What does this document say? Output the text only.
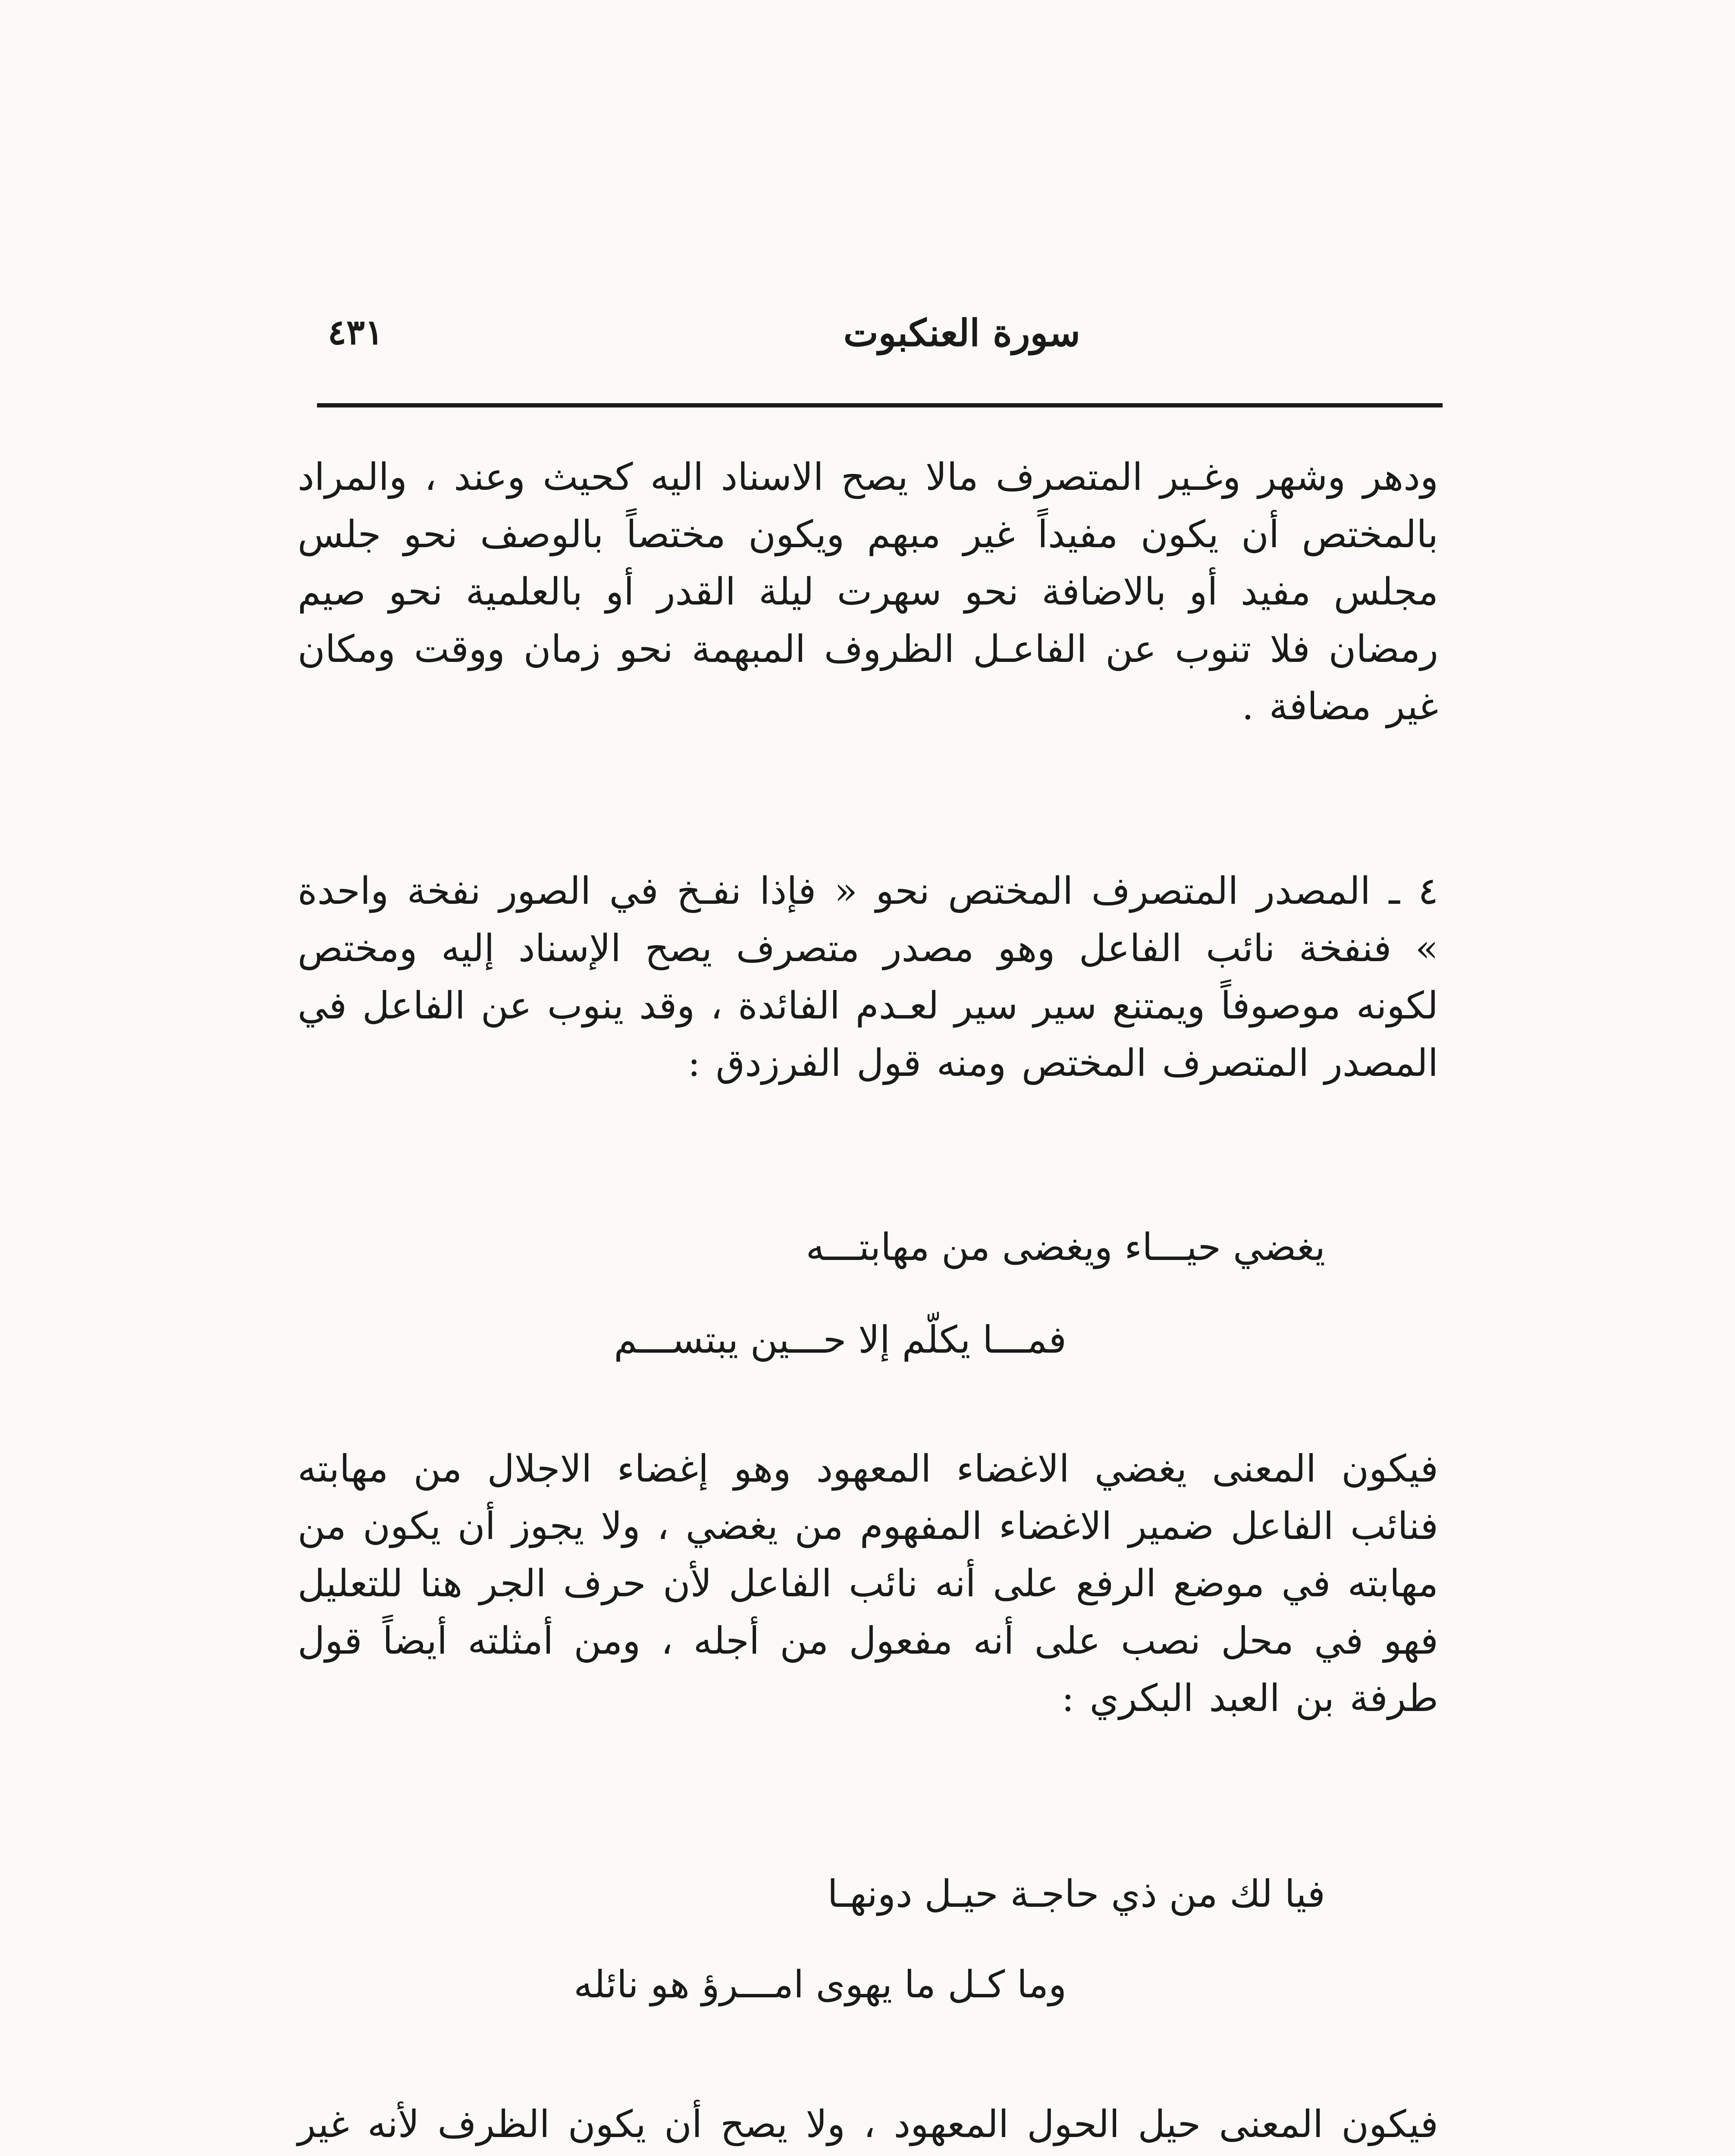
سورة العنكبوت
٤٣١
ودهر وشهر وغـير المتصرف مالا يصح الاسناد اليه كحيث وعند ، والمراد بالمختص أن يكون مفيداً غير مبهم ويكون مختصاً بالوصف نحو جلس مجلس مفيد أو بالاضافة نحو سهرت ليلة القدر أو بالعلمية نحو صيم رمضان فلا تنوب عن الفاعـل الظروف المبهمة نحو زمان ووقت ومكان غير مضافة .
٤ ـ المصدر المتصرف المختص نحو « فإذا نفـخ في الصور نفخة واحدة » فنفخة نائب الفاعل وهو مصدر متصرف يصح الإسناد إليه ومختص لكونه موصوفاً ويمتنع سير سير لعـدم الفائدة ، وقد ينوب عن الفاعل في المصدر المتصرف المختص ومنه قول الفرزدق :
يغضي حيـــاء ويغضى من مهابتـــه
فمـــا يكلّم إلا حـــين يبتســـم
فيكون المعنى يغضي الاغضاء المعهود وهو إغضاء الاجلال من مهابته فنائب الفاعل ضمير الاغضاء المفهوم من يغضي ، ولا يجوز أن يكون من مهابته في موضع الرفع على أنه نائب الفاعل لأن حرف الجر هنا للتعليل فهو في محل نصب على أنه مفعول من أجله ، ومن أمثلته أيضاً قول طرفة بن العبد البكري :
فيا لك من ذي حاجـة حيـل دونهـا
وما كـل ما يهوى امـــرؤ هو نائله
فيكون المعنى حيل الحول المعهود ، ولا يصح أن يكون الظرف لأنه غير
